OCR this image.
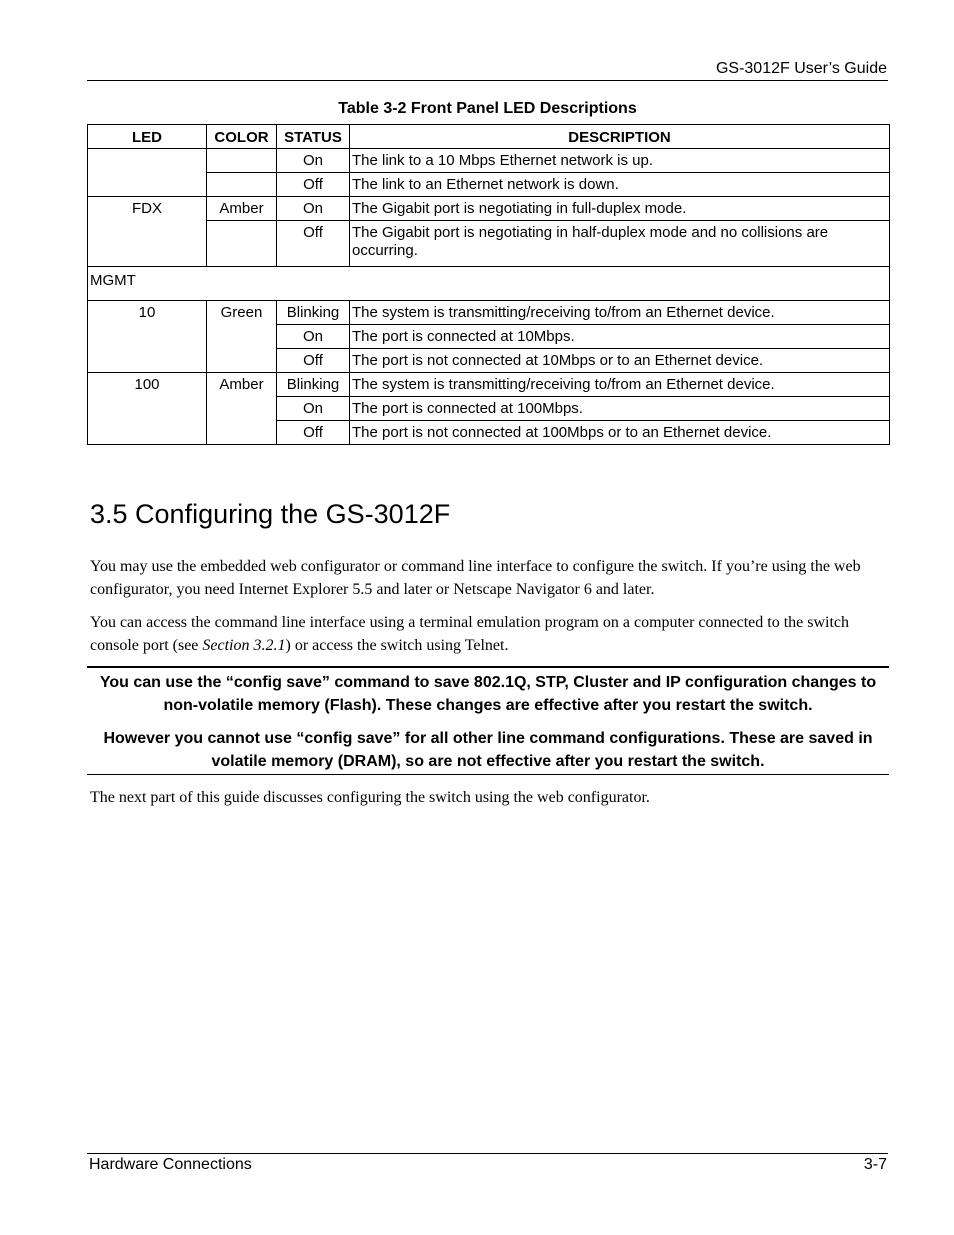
GS-3012F User’s Guide
Table 3-2 Front Panel LED Descriptions
LED	COLOR	STATUS	DESCRIPTION
		On	The link to a 10 Mbps Ethernet network is up.
		Off	The link to an Ethernet network is down.
FDX	Amber	On	The Gigabit port is negotiating in full-duplex mode.
		Off	The Gigabit port is negotiating in half-duplex mode and no collisions are occurring.
MGMT			
10	Green	Blinking	The system is transmitting/receiving to/from an Ethernet device.
		On	The port is connected at 10Mbps.
		Off	The port is not connected at 10Mbps or to an Ethernet device.
100	Amber	Blinking	The system is transmitting/receiving to/from an Ethernet device.
		On	The port is connected at 100Mbps.
		Off	The port is not connected at 100Mbps or to an Ethernet device.
3.5 Configuring the GS-3012F
You may use the embedded web configurator or command line interface to configure the switch. If you’re using the web configurator, you need Internet Explorer 5.5 and later or Netscape Navigator 6 and later.
You can access the command line interface using a terminal emulation program on a computer connected to the switch console port (see Section 3.2.1) or access the switch using Telnet.

You can use the “config save” command to save 802.1Q, STP, Cluster and IP configuration changes to non-volatile memory (Flash). These changes are effective after you restart the switch.

However you cannot use “config save” for all other line command configurations. These are saved in volatile memory (DRAM), so are not effective after you restart the switch.

The next part of this guide discusses configuring the switch using the web configurator.
Hardware Connections	3-7
